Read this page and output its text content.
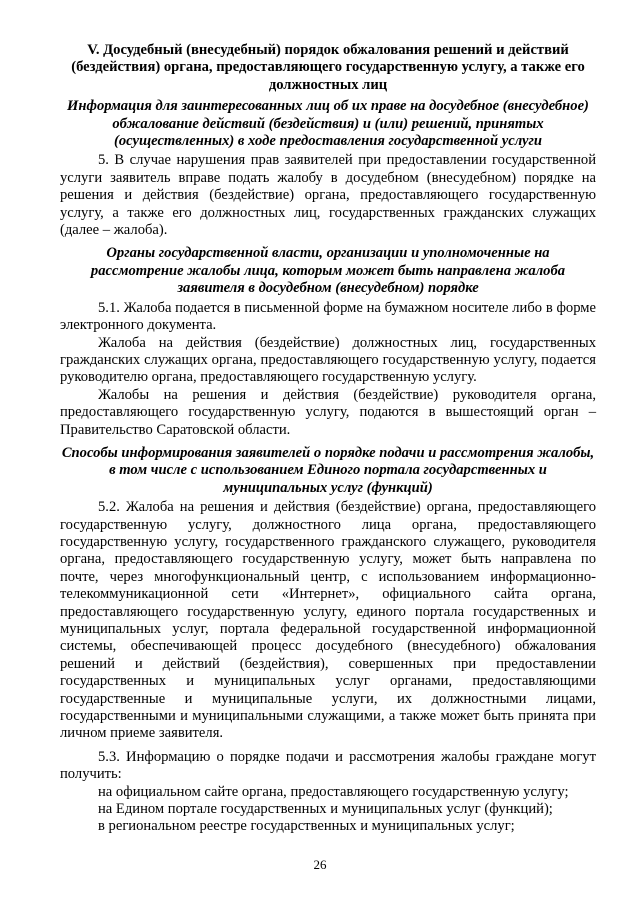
V. Досудебный (внесудебный) порядок обжалования решений и действий (бездействия) органа, предоставляющего государственную услугу, а также его должностных лиц
Информация для заинтересованных лиц об их праве на досудебное (внесудебное) обжалование действий (бездействия) и (или) решений, принятых (осуществленных) в ходе предоставления государственной услуги

5. В случае нарушения прав заявителей при предоставлении государственной услуги заявитель вправе подать жалобу в досудебном (внесудебном) порядке на решения и действия (бездействие) органа, предоставляющего государственную услугу, а также его должностных лиц, государственных гражданских служащих (далее – жалоба).

Органы государственной власти, организации и уполномоченные на рассмотрение жалобы лица, которым может быть направлена жалоба заявителя в досудебном (внесудебном) порядке

5.1. Жалоба подается в письменной форме на бумажном носителе либо в форме электронного документа.

Жалоба на действия (бездействие) должностных лиц, государственных гражданских служащих органа, предоставляющего государственную услугу, подается руководителю органа, предоставляющего государственную услугу.

Жалобы на решения и действия (бездействие) руководителя органа, предоставляющего государственную услугу, подаются в вышестоящий орган – Правительство Саратовской области.

Способы информирования заявителей о порядке подачи и рассмотрения жалобы, в том числе с использованием Единого портала государственных и муниципальных услуг (функций)

5.2. Жалоба на решения и действия (бездействие) органа, предоставляющего государственную услугу, должностного лица органа, предоставляющего государственную услугу, государственного гражданского служащего, руководителя органа, предоставляющего государственную услугу, может быть направлена по почте, через многофункциональный центр, с использованием информационно-телекоммуникационной сети «Интернет», официального сайта органа, предоставляющего государственную услугу, единого портала государственных и муниципальных услуг, портала федеральной государственной информационной системы, обеспечивающей процесс досудебного (внесудебного) обжалования решений и действий (бездействия), совершенных при предоставлении государственных и муниципальных услуг органами, предоставляющими государственные и муниципальные услуги, их должностными лицами, государственными и муниципальными служащими, а также может быть принята при личном приеме заявителя.

5.3. Информацию о порядке подачи и рассмотрения жалобы граждане могут получить:

на официальном сайте органа, предоставляющего государственную услугу;

на Едином портале государственных и муниципальных услуг (функций);

в региональном реестре государственных и муниципальных услуг;

26
